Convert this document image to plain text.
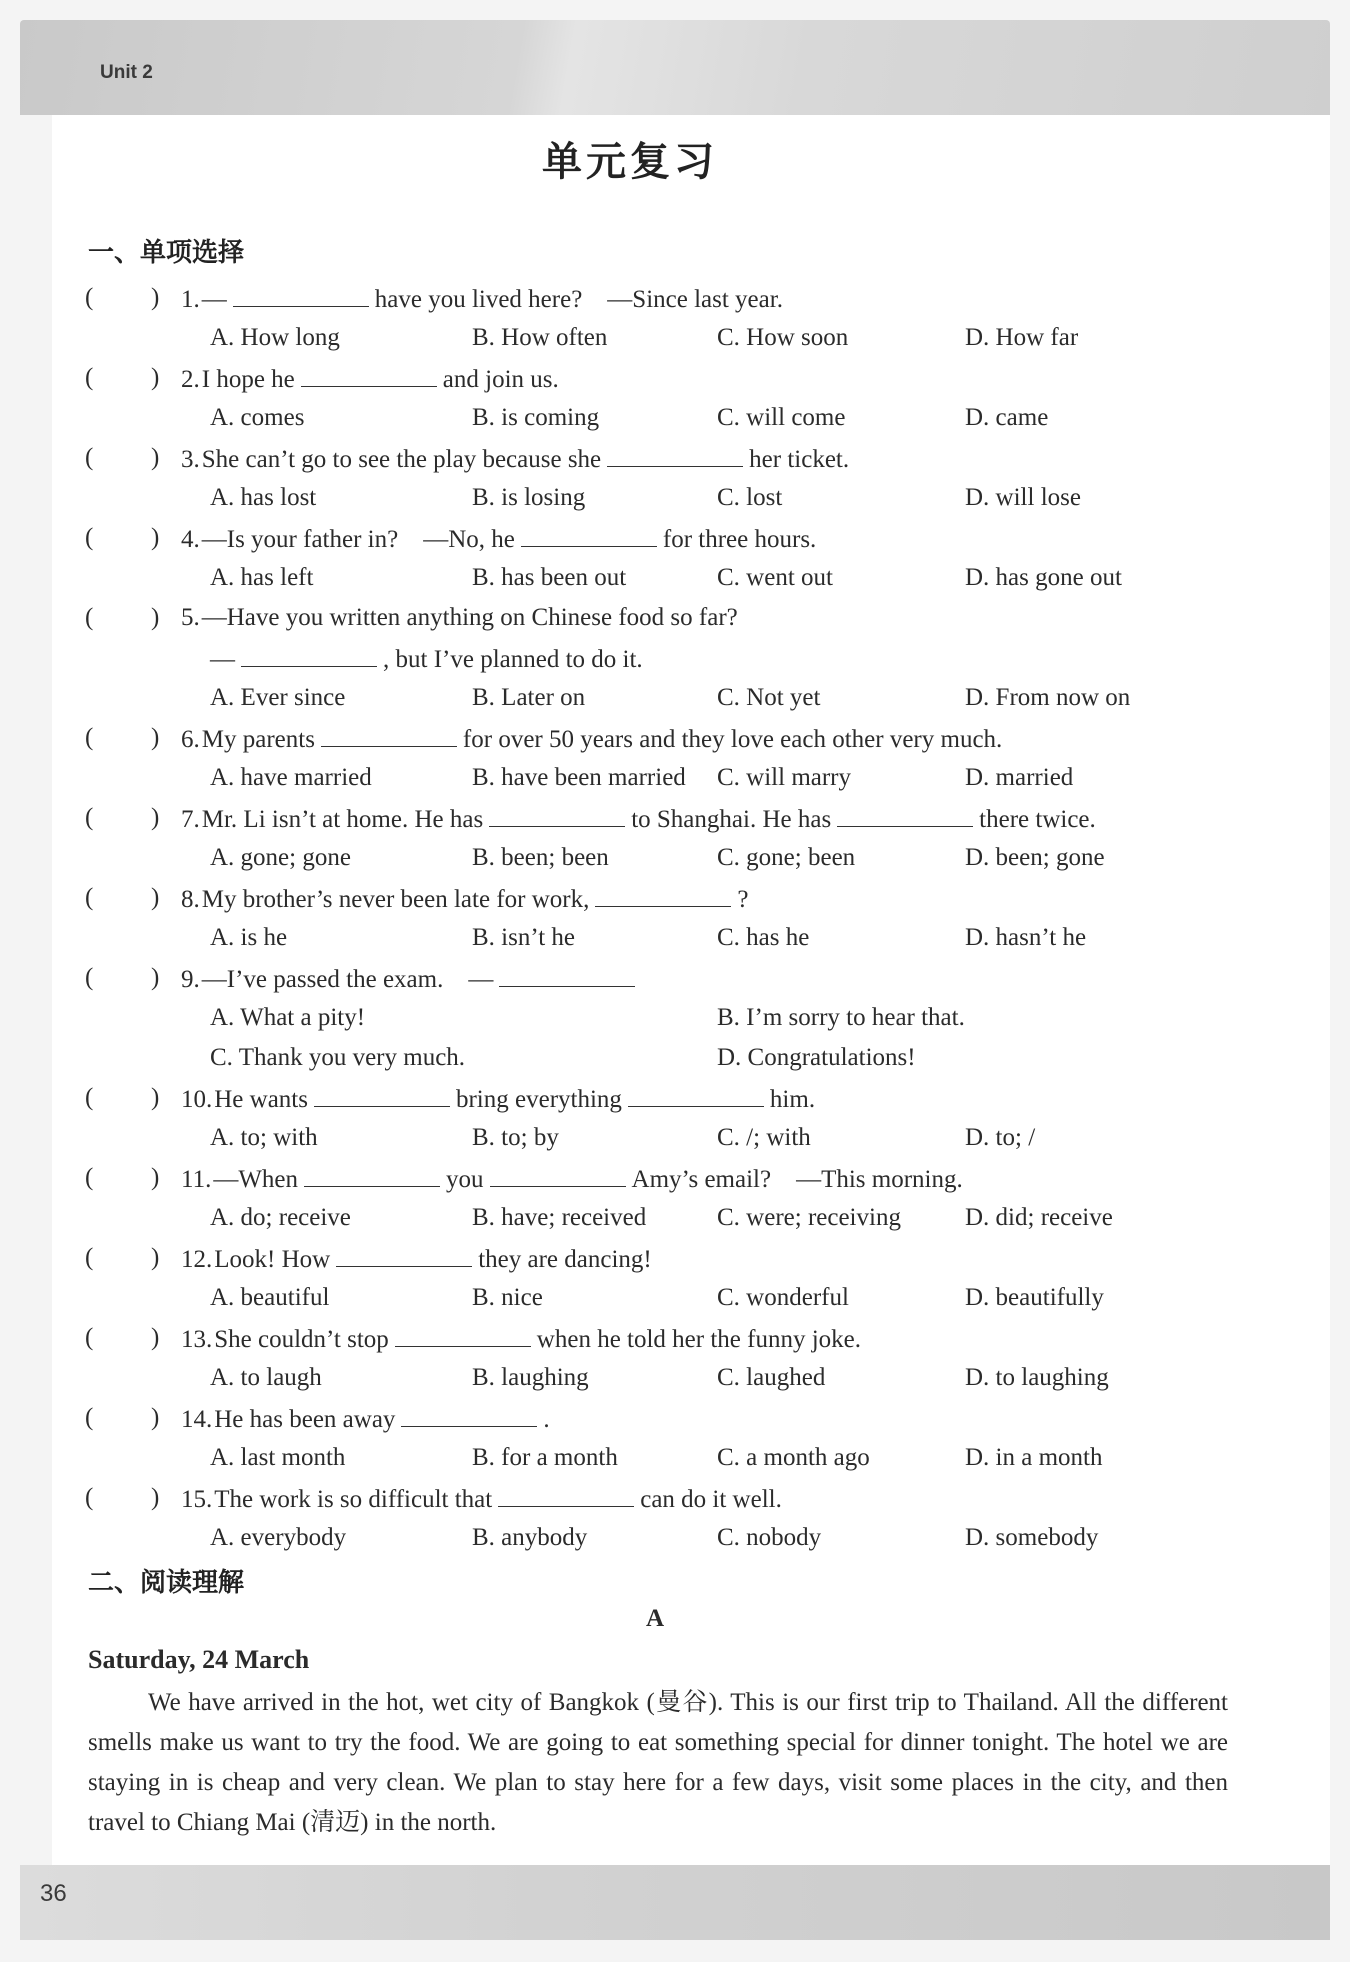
Unit 2
36
单元复习
一、单项选择
( ) 1.—	have you lived here?　—Since last year.
A. How long	B. How often	C. How soon	D. How far
( ) 2.I hope he	and join us.
A. comes	B. is coming	C. will come	D. came
( ) 3.She can’t go to see the play because she	her ticket.
A. has lost	B. is losing	C. lost	D. will lose
( ) 4.—Is your father in?　—No, he	for three hours.
A. has left	B. has been out	C. went out	D. has gone out
( ) 5.—Have you written anything on Chinese food so far?
—	, but I’ve planned to do it.
A. Ever since	B. Later on	C. Not yet	D. From now on
( ) 6.My parents	for over 50 years and they love each other very much.
A. have married	B. have been married C. will marry	D. married
( ) 7.Mr. Li isn’t at home. He has	to Shanghai. He has	there twice.
A. gone; gone	B. been; been	C. gone; been	D. been; gone
( ) 8.My brother’s never been late for work,	?
A. is he	B. isn’t he	C. has he	D. hasn’t he
( ) 9.—I’ve passed the exam.　—
A. What a pity!	B. I’m sorry to hear that.
C. Thank you very much.	D. Congratulations!
( ) 10.He wants	bring everything	him.
A. to; with	B. to; by	C. /; with	D. to; /
( ) 11.—When	you	Amy’s email?　—This morning.
A. do; receive	B. have; received	C. were; receiving	D. did; receive
( ) 12.Look! How	they are dancing!
A. beautiful	B. nice	C. wonderful	D. beautifully
( ) 13.She couldn’t stop	when he told her the funny joke.
A. to laugh	B. laughing	C. laughed	D. to laughing
( ) 14.He has been away	.
A. last month	B. for a month	C. a month ago	D. in a month
( ) 15.The work is so difficult that	can do it well.
A. everybody	B. anybody	C. nobody	D. somebody
二、阅读理解
A
Saturday, 24 March

We have arrived in the hot, wet city of Bangkok (曼谷). This is our first trip to Thailand. All the different smells make us want to try the food. We are going to eat something special for dinner tonight. The hotel we are staying in is cheap and very clean. We plan to stay here for a few days, visit some places in the city, and then travel to Chiang Mai (清迈) in the north.
